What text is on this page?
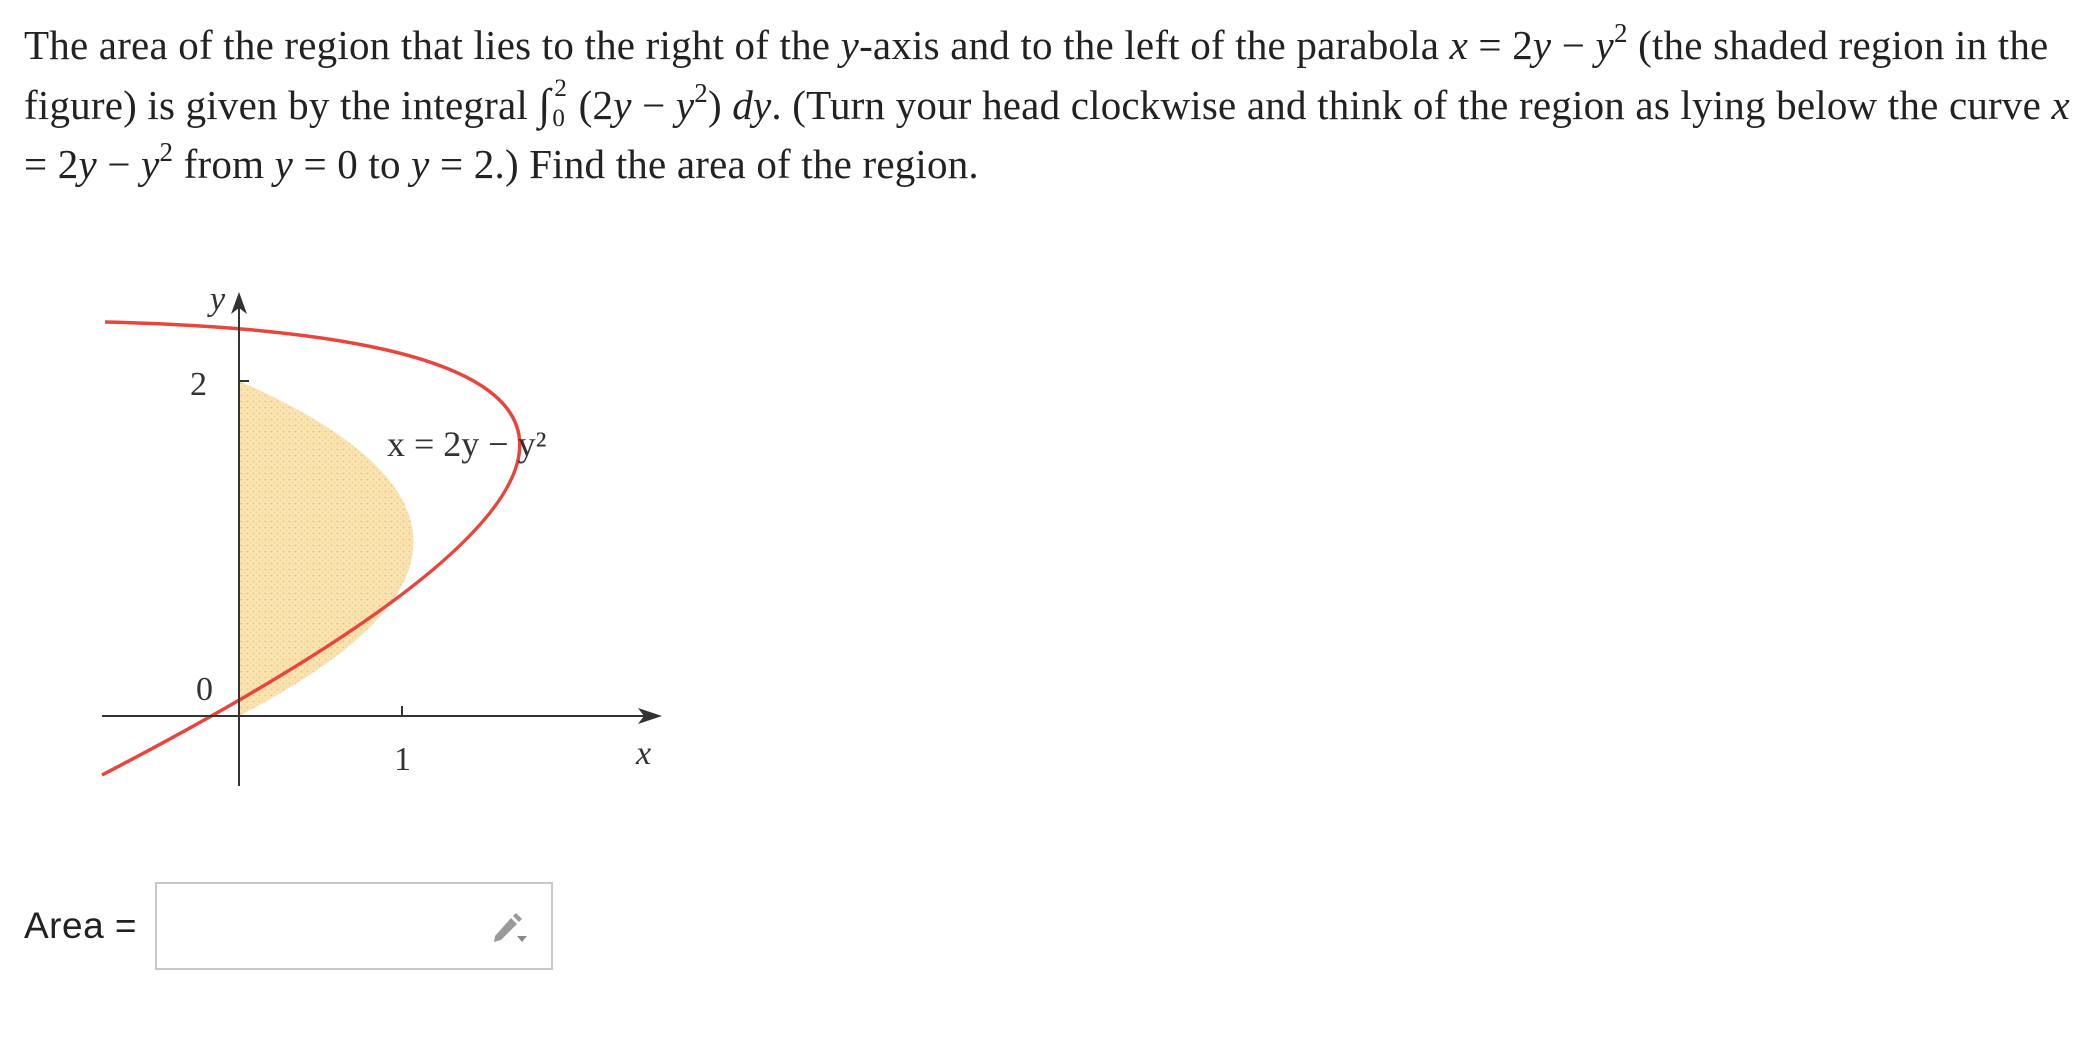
The area of the region that lies to the right of the y-axis and to the left of the parabola $x = 2y - y^2$ (the shaded region in the figure) is given by the integral ∫ 2
0 $(2y - y^2)$ dy. (Turn your head clockwise and think of the region as lying below the curve $x = 2y - y^2$ from y = 0 to y = 2.) Find the area of the region.
y
x
2
0
1
x = 2y − y²
Area =
